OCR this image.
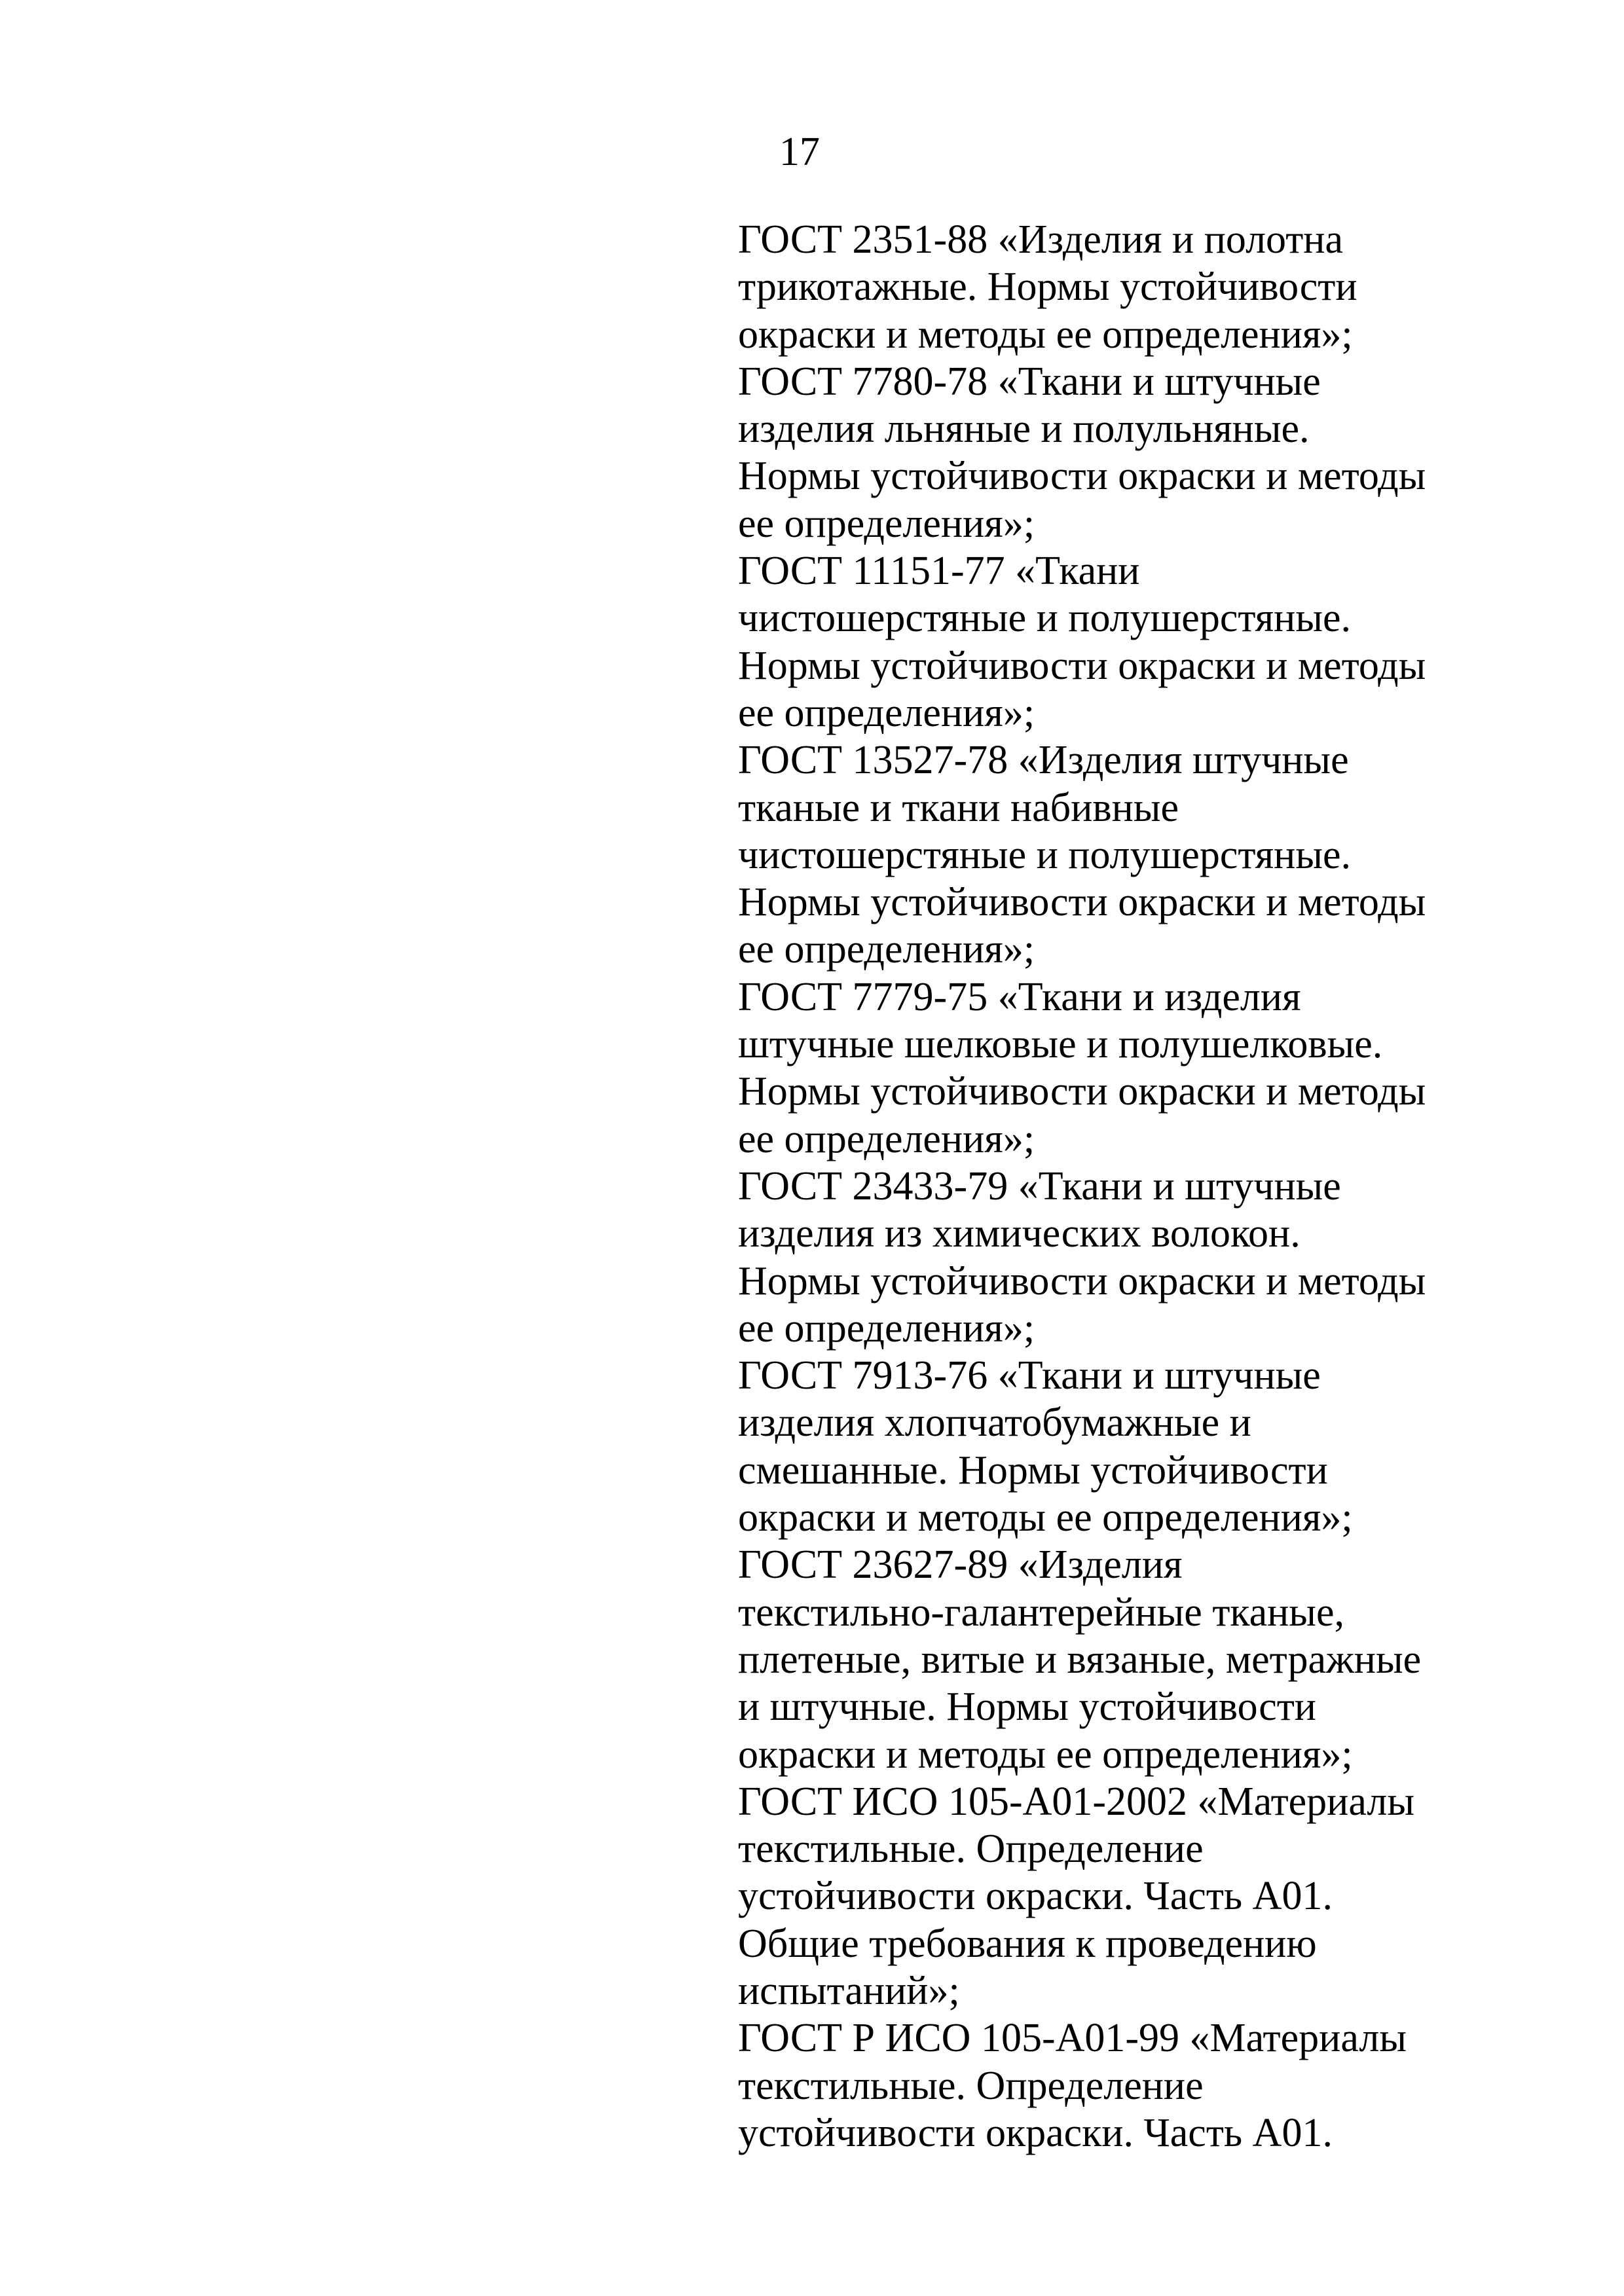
17
ГОСТ 2351-88 «Изделия и полотна
трикотажные. Нормы устойчивости
окраски и методы ее определения»;
ГОСТ 7780-78 «Ткани и штучные
изделия льняные и полульняные.
Нормы устойчивости окраски и методы
ее определения»;
ГОСТ 11151-77 «Ткани
чистошерстяные и полушерстяные.
Нормы устойчивости окраски и методы
ее определения»;
ГОСТ 13527-78 «Изделия штучные
тканые и ткани набивные
чистошерстяные и полушерстяные.
Нормы устойчивости окраски и методы
ее определения»;
ГОСТ 7779-75 «Ткани и изделия
штучные шелковые и полушелковые.
Нормы устойчивости окраски и методы
ее определения»;
ГОСТ 23433-79 «Ткани и штучные
изделия из химических волокон.
Нормы устойчивости окраски и методы
ее определения»;
ГОСТ 7913-76 «Ткани и штучные
изделия хлопчатобумажные и
смешанные. Нормы устойчивости
окраски и методы ее определения»;
ГОСТ 23627-89 «Изделия
текстильно-галантерейные тканые,
плетеные, витые и вязаные, метражные
и штучные. Нормы устойчивости
окраски и методы ее определения»;
ГОСТ ИСО 105-А01-2002 «Материалы
текстильные. Определение
устойчивости окраски. Часть А01.
Общие требования к проведению
испытаний»;
ГОСТ Р ИСО 105-А01-99 «Материалы
текстильные. Определение
устойчивости окраски. Часть А01.
